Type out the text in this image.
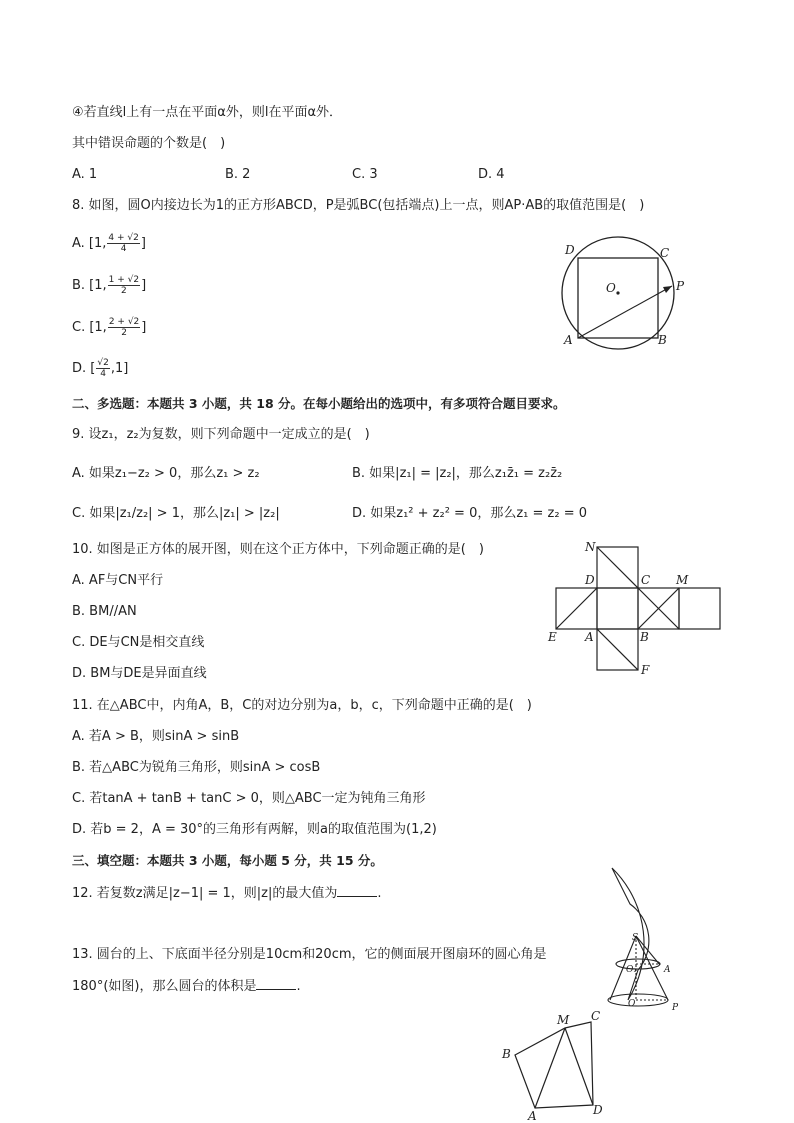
④若直线l上有一点在平面α外，则l在平面α外．
其中错误命题的个数是(　)
A. 1	B. 2	C. 3	D. 4
8. 如图，圆O内接边长为1的正方形ABCD，P是弧BC(包括端点)上一点，则AP·AB的取值范围是(　)
A. [1, $\frac{4 + √2}{4}$ ]
B. [1, $\frac{1 + √2}{2}$ ]
C. [1, $\frac{2 + √2}{2}$ ]
D. [ $\frac{√2}{4} ,1$]
D	C
O	P
A	B
二、多选题：本题共 3 小题，共 18 分。在每小题给出的选项中，有多项符合题目要求。
9. 设z₁，z₂为复数，则下列命题中一定成立的是(　)
A. 如果z₁−z₂ > 0，那么z₁ > z₂	B. 如果|z₁| = |z₂|，那么z₁z̄₁ = z₂z̄₂
C. 如果|z₁/z₂| > 1，那么|z₁| > |z₂|	D. 如果z₁² + z₂² = 0，那么z₁ = z₂ = 0
10. 如图是正方体的展开图，则在这个正方体中，下列命题正确的是(　)
A. AF与CN平行
B. BM//AN
C. DE与CN是相交直线
D. BM与DE是异面直线
N
D	C M
E A	B
F
11. 在△ABC中，内角A，B，C的对边分别为a，b，c，下列命题中正确的是(　)
A. 若A > B，则sinA > sinB
B. 若△ABC为锐角三角形，则sinA > cosB
C. 若tanA + tanB + tanC > 0，则△ABC一定为钝角三角形
D. 若b = 2，A = 30°的三角形有两解，则a的取值范围为(1,2)
三、填空题：本题共 3 小题，每小题 5 分，共 15 分。
12. 若复数z满足|z−1| = 1，则|z|的最大值为	.
13. 圆台的上、下底面半径分别是10cm和20cm，它的侧面展开图扇环的圆心角是
180°(如图)，那么圆台的体积是	.
S
O₁	A
O	P
B
M C
A	D
